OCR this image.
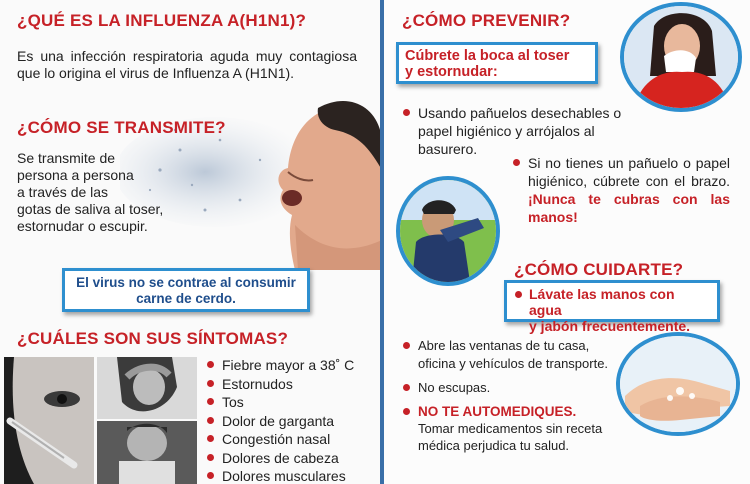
¿QUÉ ES LA INFLUENZA A(H1N1)?
Es una infección respiratoria aguda muy contagiosa que lo origina el virus de Influenza A (H1N1).
¿CÓMO SE TRANSMITE?
Se transmite de
persona a persona
a través de las
gotas de saliva al toser,
estornudar o escupir.
El virus no se contrae al consumir
carne de cerdo.
¿CUÁLES SON SUS SÍNTOMAS?
Fiebre mayor a 38˚ C
Estornudos
Tos
Dolor de garganta
Congestión nasal
Dolores de cabeza
Dolores musculares
¿CÓMO PREVENIR?
Cúbrete la boca al toser
y estornudar:
Usando pañuelos desechables o papel higiénico y arrójalos al basurero.
Si no tienes un pañuelo o papel higiénico, cúbrete con el brazo. ¡Nunca te cubras con las manos!
¿CÓMO CUIDARTE?
Lávate las manos con agua
y jabón frecuentemente.
Abre las ventanas de tu casa, oficina y vehículos de transporte.
No escupas.
NO TE AUTOMEDIQUES.
Tomar medicamentos sin receta
médica perjudica tu salud.
